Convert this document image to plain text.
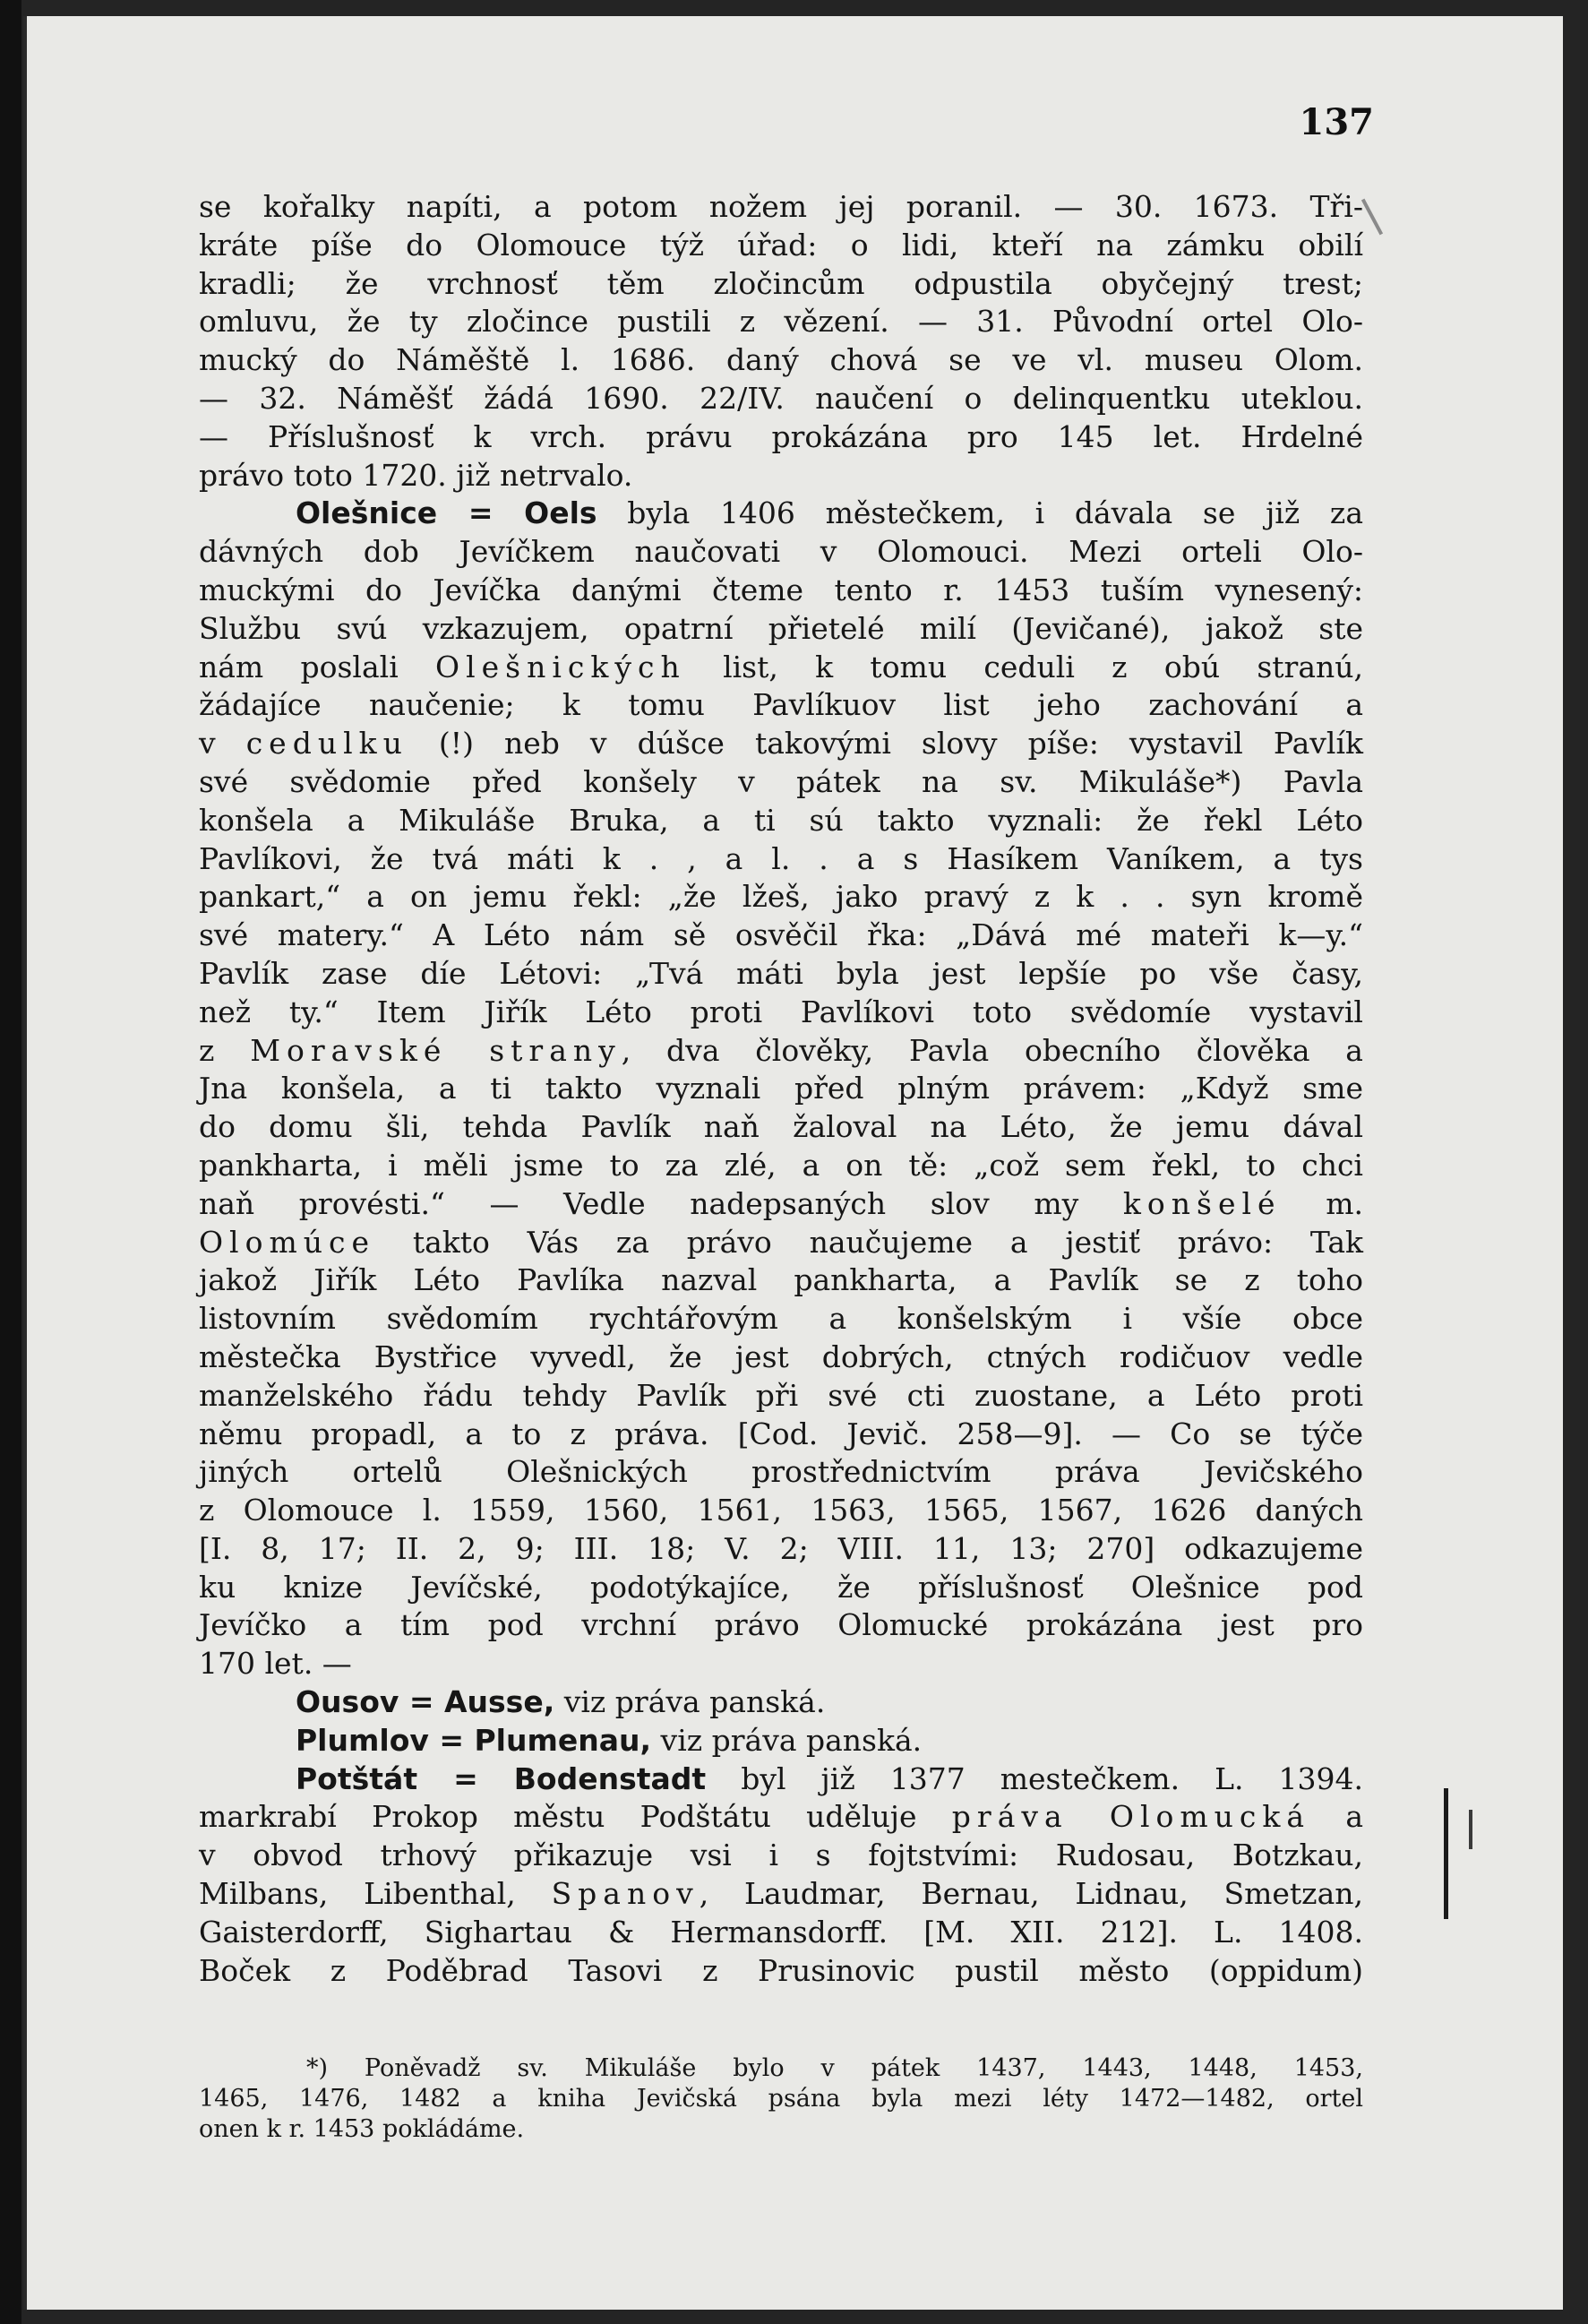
137
se kořalky napíti, a potom nožem jej poranil. — 30. 1673. Tři-
kráte píše do Olomouce týž úřad: o lidi, kteří na zámku obilí
kradli; že vrchnosť těm zločincům odpustila obyčejný trest;
omluvu, že ty zločince pustili z vězení. — 31. Původní ortel Olo-
mucký do Náměště l. 1686. daný chová se ve vl. museu Olom.
— 32. Náměšť žádá 1690. 22/IV. naučení o delinquentku uteklou.
— Příslušnosť k vrch. právu prokázána pro 145 let. Hrdelné
právo toto 1720. již netrvalo.
Olešnice = Oels byla 1406 městečkem, i dávala se již za
dávných dob Jevíčkem naučovati v Olomouci. Mezi orteli Olo-
muckými do Jevíčka danými čteme tento r. 1453 tuším vynesený:
Službu svú vzkazujem, opatrní přietelé milí (Jevičané), jakož ste
nám poslali Olešnických list, k tomu ceduli z obú stranú,
žádajíce naučenie; k tomu Pavlíkuov list jeho zachování a
v cedulku (!) neb v dúšce takovými slovy píše: vystavil Pavlík
své svědomie před konšely v pátek na sv. Mikuláše*) Pavla
konšela a Mikuláše Bruka, a ti sú takto vyznali: že řekl Léto
Pavlíkovi, že tvá máti k . , a l. . a s Hasíkem Vaníkem, a tys
pankart,“ a on jemu řekl: „že lžeš, jako pravý z k . . syn kromě
své matery.“ A Léto nám sě osvěčil řka: „Dává mé mateři k—y.“
Pavlík zase díe Létovi: „Tvá máti byla jest lepšíe po vše časy,
než ty.“ Item Jiřík Léto proti Pavlíkovi toto svědomíe vystavil
z Moravské strany, dva člověky, Pavla obecního člověka a
Jna konšela, a ti takto vyznali před plným právem: „Když sme
do domu šli, tehda Pavlík naň žaloval na Léto, že jemu dával
pankharta, i měli jsme to za zlé, a on tě: „což sem řekl, to chci
naň provésti.“ — Vedle nadepsaných slov my konšelé m.
Olomúce takto Vás za právo naučujeme a jestiť právo: Tak
jakož Jiřík Léto Pavlíka nazval pankharta, a Pavlík se z toho
listovním svědomím rychtářovým a konšelským i všíe obce
městečka Bystřice vyvedl, že jest dobrých, ctných rodičuov vedle
manželského řádu tehdy Pavlík při své cti zuostane, a Léto proti
němu propadl, a to z práva. [Cod. Jevič. 258—9]. — Co se týče
jiných ortelů Olešnických prostřednictvím práva Jevičského
z Olomouce l. 1559, 1560, 1561, 1563, 1565, 1567, 1626 daných
[I. 8, 17; II. 2, 9; III. 18; V. 2; VIII. 11, 13; 270] odkazujeme
ku knize Jevíčské, podotýkajíce, že příslušnosť Olešnice pod
Jevíčko a tím pod vrchní právo Olomucké prokázána jest pro
170 let. —
Ousov = Ausse, viz práva panská.
Plumlov = Plumenau, viz práva panská.
Potštát = Bodenstadt byl již 1377 mestečkem. L. 1394.
markrabí Prokop městu Podštátu uděluje práva Olomucká a
v obvod trhový přikazuje vsi i s fojtstvími: Rudosau, Botzkau,
Milbans, Libenthal, Spanov, Laudmar, Bernau, Lidnau, Smetzan,
Gaisterdorff, Sighartau & Hermansdorff. [M. XII. 212]. L. 1408.
Boček z Poděbrad Tasovi z Prusinovic pustil město (oppidum)
*) Poněvadž sv. Mikuláše bylo v pátek 1437, 1443, 1448, 1453,
1465, 1476, 1482 a kniha Jevičská psána byla mezi léty 1472—1482, ortel
onen k r. 1453 pokládáme.
